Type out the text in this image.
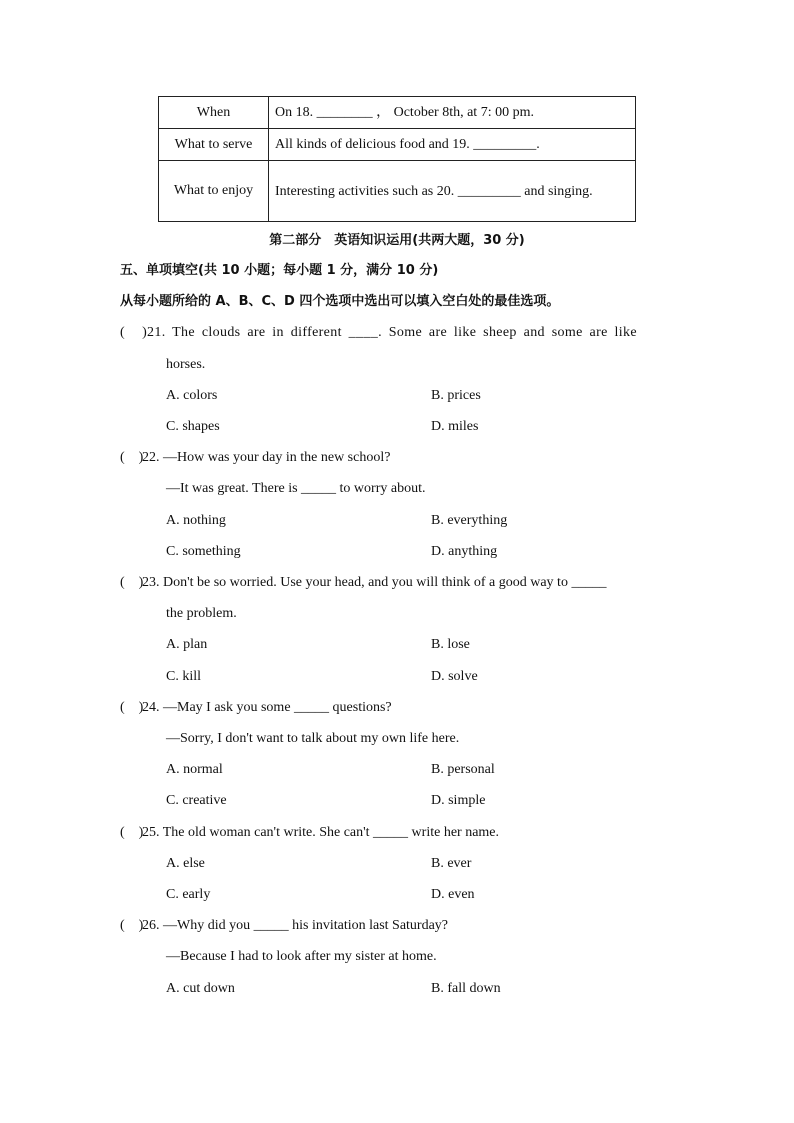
When	On 18. ________ ， October 8th, at 7: 00 pm.
What to serve	All kinds of delicious food and 19. _________.
What to enjoy	Interesting activities such as 20. _________ and singing.
第二部分　英语知识运用(共两大题，30 分)
五、单项填空(共 10 小题；每小题 1 分，满分 10 分)
从每小题所给的 A、B、C、D 四个选项中选出可以填入空白处的最佳选项。
(　 )21. The clouds are in different ____. Some are like sheep and some are like
horses.
A. colors	B. prices
C. shapes	D. miles
(　)22. —How was your day in the new school?
—It was great. There is _____ to worry about.
A. nothing	B. everything
C. something	D. anything
(　)23. Don't be so worried. Use your head, and you will think of a good way to _____
the problem.
A. plan	B. lose
C. kill	D. solve
(　)24. —May I ask you some _____ questions?
—Sorry, I don't want to talk about my own life here.
A. normal	B. personal
C. creative	D. simple
(　)25. The old woman can't write. She can't _____ write her name.
A. else	B. ever
C. early	D. even
(　)26. —Why did you _____ his invitation last Saturday?
—Because I had to look after my sister at home.
A. cut down	B. fall down
